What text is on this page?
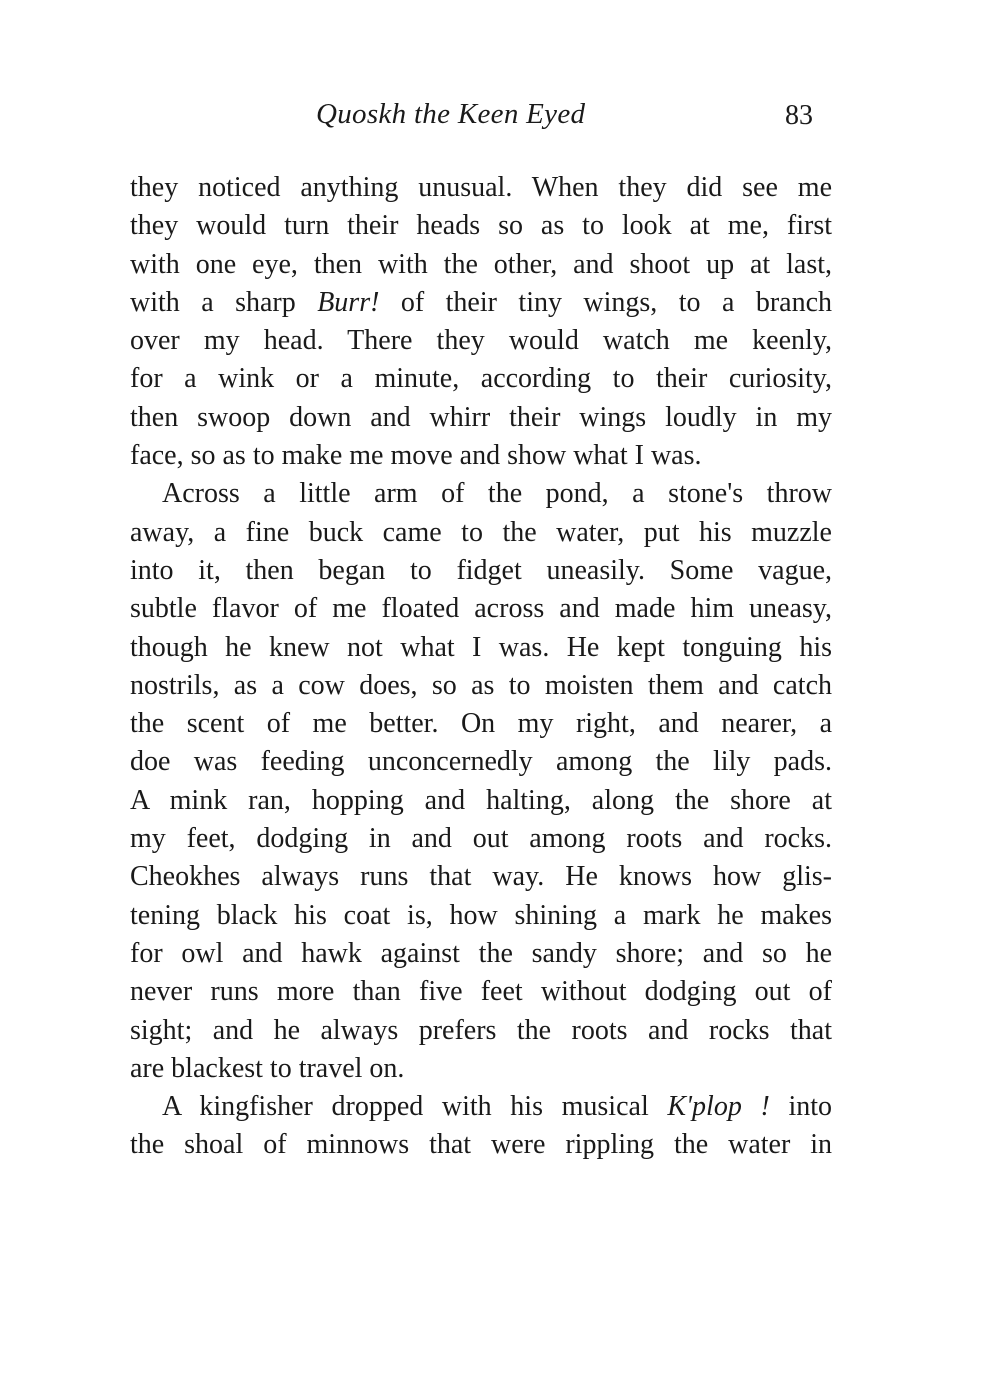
Quoskh the Keen Eyed	83
they noticed anything unusual. When they did see me
they would turn their heads so as to look at me, first
with one eye, then with the other, and shoot up at last,
with a sharp Burr! of their tiny wings, to a branch
over my head. There they would watch me keenly,
for a wink or a minute, according to their curiosity,
then swoop down and whirr their wings loudly in my
face, so as to make me move and show what I was.
Across a little arm of the pond, a stone's throw
away, a fine buck came to the water, put his muzzle
into it, then began to fidget uneasily. Some vague,
subtle flavor of me floated across and made him uneasy,
though he knew not what I was. He kept tonguing his
nostrils, as a cow does, so as to moisten them and catch
the scent of me better. On my right, and nearer, a
doe was feeding unconcernedly among the lily pads.
A mink ran, hopping and halting, along the shore at
my feet, dodging in and out among roots and rocks.
Cheokhes always runs that way. He knows how glis-
tening black his coat is, how shining a mark he makes
for owl and hawk against the sandy shore; and so he
never runs more than five feet without dodging out of
sight; and he always prefers the roots and rocks that
are blackest to travel on.
A kingfisher dropped with his musical K'plop ! into
the shoal of minnows that were rippling the water in
